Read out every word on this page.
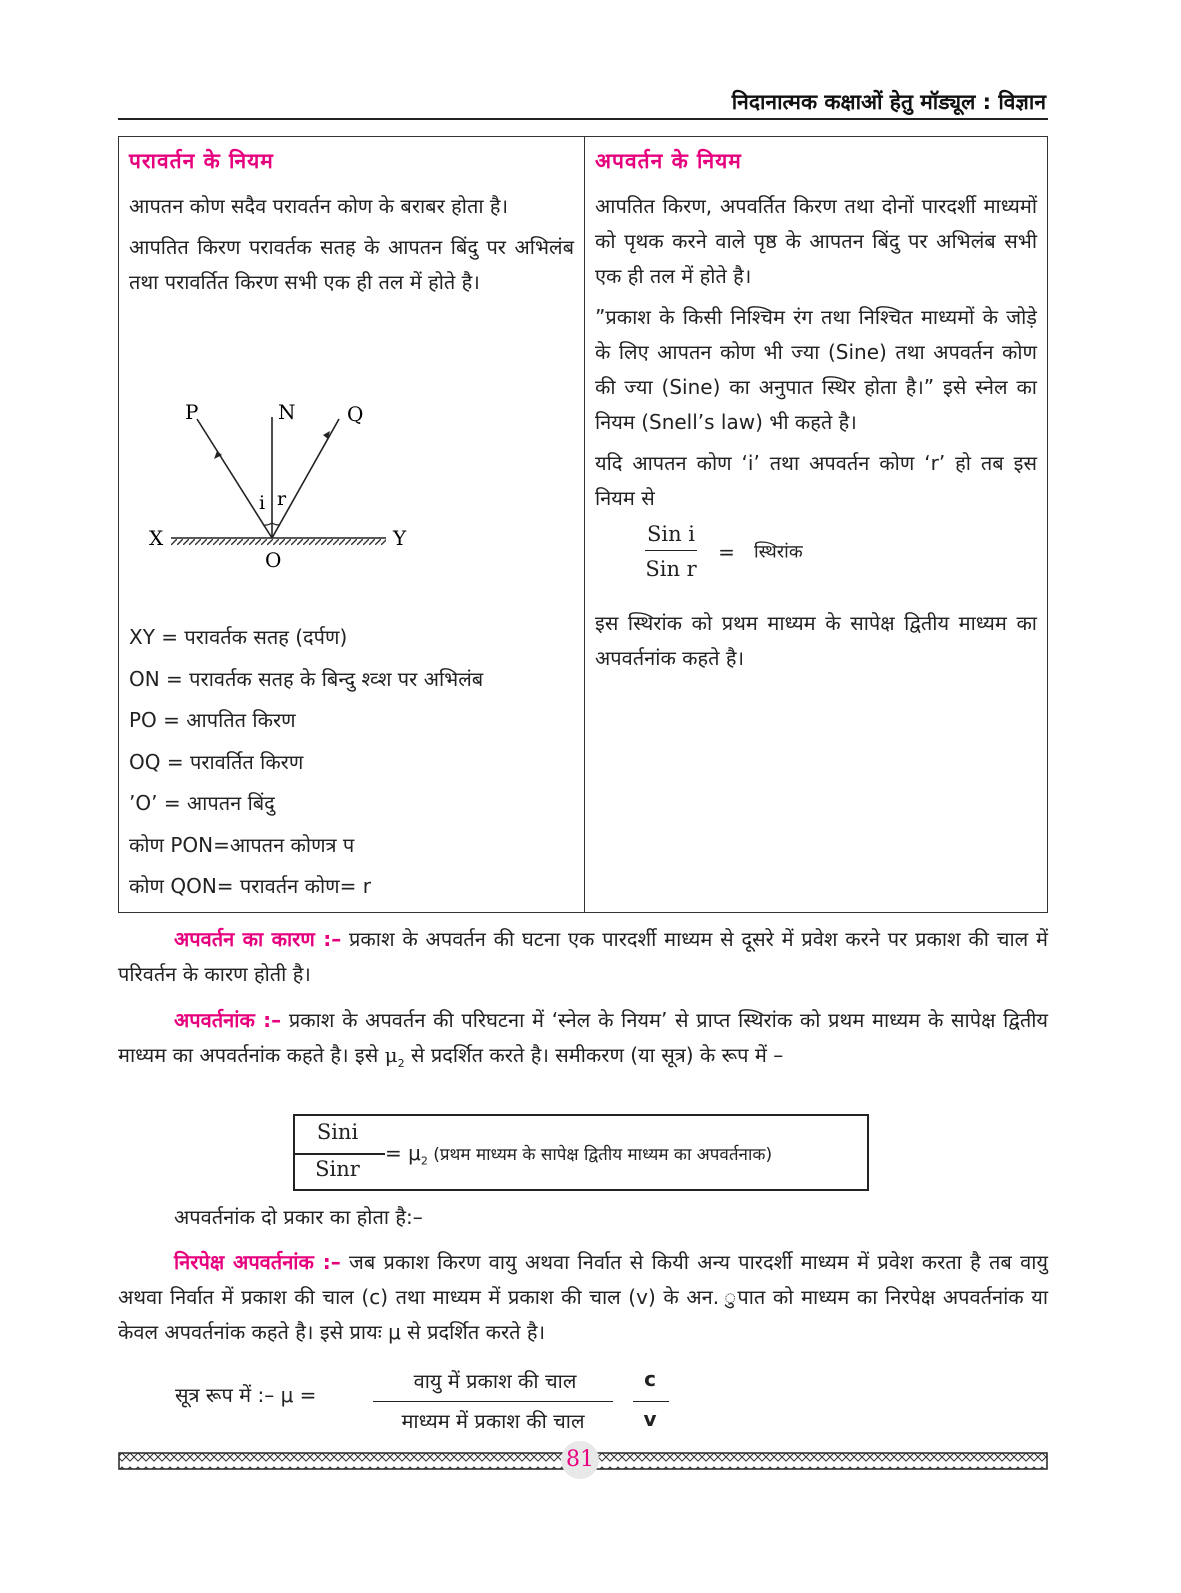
निदानात्मक कक्षाओं हेतु मॉड्यूल : विज्ञान
परावर्तन के नियम

आपतन कोण सदैव परावर्तन कोण के बराबर होता है।

आपतित किरण परावर्तक सतह के आपतन बिंदु पर अभिलंब तथा परावर्तित किरण सभी एक ही तल में होते है।

P	N	Q
i r
X	Y
O
XY = परावर्तक सतह (दर्पण)
ON = परावर्तक सतह के बिन्दु श्व्श पर अभिलंब
PO = आपतित किरण
OQ = परावर्तित किरण
’O’ = आपतन बिंदु
कोण PON=आपतन कोणत्र प
कोण QON= परावर्तन कोण= r
अपवर्तन के नियम

आपतित किरण, अपवर्तित किरण तथा दोनों पारदर्शी माध्यमों को पृथक करने वाले पृष्ठ के आपतन बिंदु पर अभिलंब सभी एक ही तल में होते है।

”प्रकाश के किसी निश्चिम रंग तथा निश्चित माध्यमों के जोड़े के लिए आपतन कोण भी ज्या (Sine) तथा अपवर्तन कोण की ज्या (Sine) का अनुपात स्थिर होता है।” इसे स्नेल का नियम (Snell’s law) भी कहते है।

यदि आपतन कोण ‘i’ तथा अपवर्तन कोण ‘r’ हो तब इस नियम से

$\frac{\text{Sin i}}{\text{Sin r}}$ = स्थिरांक

इस स्थिरांक को प्रथम माध्यम के सापेक्ष द्वितीय माध्यम का अपवर्तनांक कहते है।

अपवर्तन का कारण :– प्रकाश के अपवर्तन की घटना एक पारदर्शी माध्यम से दूसरे में प्रवेश करने पर प्रकाश की चाल में परिवर्तन के कारण होती है।
अपवर्तनांक :– प्रकाश के अपवर्तन की परिघटना में ‘स्नेल के नियम’ से प्राप्त स्थिरांक को प्रथम माध्यम के सापेक्ष द्वितीय माध्यम का अपवर्तनांक कहते है। इसे $\mu_2$ से प्रदर्शित करते है। समीकरण (या सूत्र) के रूप में –
Sini
Sinr
= $\mu_2$ (प्रथम माध्यम के सापेक्ष द्वितीय माध्यम का अपवर्तनाक)
अपवर्तनांक दो प्रकार का होता है:–
निरपेक्ष अपवर्तनांक :– जब प्रकाश किरण वायु अथवा निर्वात से कियी अन्य पारदर्शी माध्यम में प्रवेश करता है तब वायु अथवा निर्वात में प्रकाश की चाल (c) तथा माध्यम में प्रकाश की चाल (v) के अन. ुपात को माध्यम का निरपेक्ष अपवर्तनांक या केवल अपवर्तनांक कहते है। इसे प्रायः μ से प्रदर्शित करते है।
सूत्र रूप में :– μ =
वायु में प्रकाश की चाल
माध्यम में प्रकाश की चाल
c
v
81
